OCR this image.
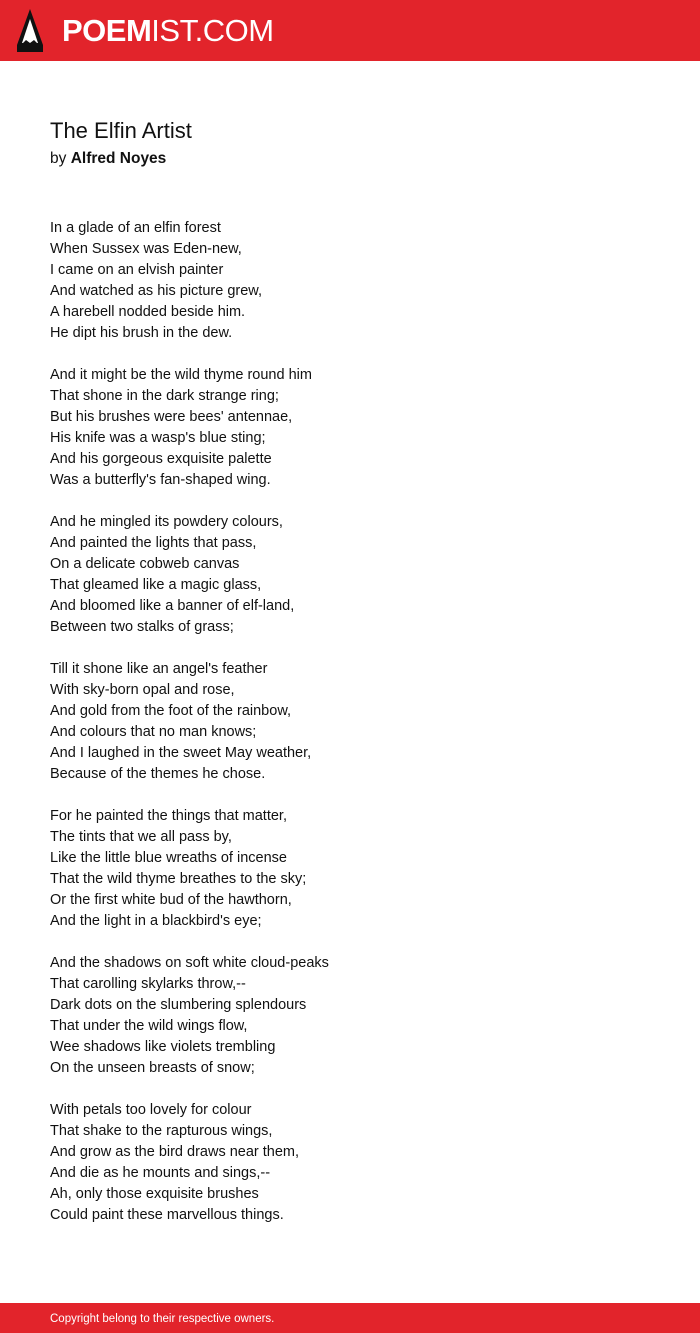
POEMIST.COM
The Elfin Artist
by Alfred Noyes
In a glade of an elfin forest
When Sussex was Eden-new,
I came on an elvish painter
And watched as his picture grew,
A harebell nodded beside him.
He dipt his brush in the dew.
And it might be the wild thyme round him
That shone in the dark strange ring;
But his brushes were bees' antennae,
His knife was a wasp's blue sting;
And his gorgeous exquisite palette
Was a butterfly's fan-shaped wing.
And he mingled its powdery colours,
And painted the lights that pass,
On a delicate cobweb canvas
That gleamed like a magic glass,
And bloomed like a banner of elf-land,
Between two stalks of grass;
Till it shone like an angel's feather
With sky-born opal and rose,
And gold from the foot of the rainbow,
And colours that no man knows;
And I laughed in the sweet May weather,
Because of the themes he chose.
For he painted the things that matter,
The tints that we all pass by,
Like the little blue wreaths of incense
That the wild thyme breathes to the sky;
Or the first white bud of the hawthorn,
And the light in a blackbird's eye;
And the shadows on soft white cloud-peaks
That carolling skylarks throw,--
Dark dots on the slumbering splendours
That under the wild wings flow,
Wee shadows like violets trembling
On the unseen breasts of snow;
With petals too lovely for colour
That shake to the rapturous wings,
And grow as the bird draws near them,
And die as he mounts and sings,--
Ah, only those exquisite brushes
Could paint these marvellous things.
Copyright belong to their respective owners.
